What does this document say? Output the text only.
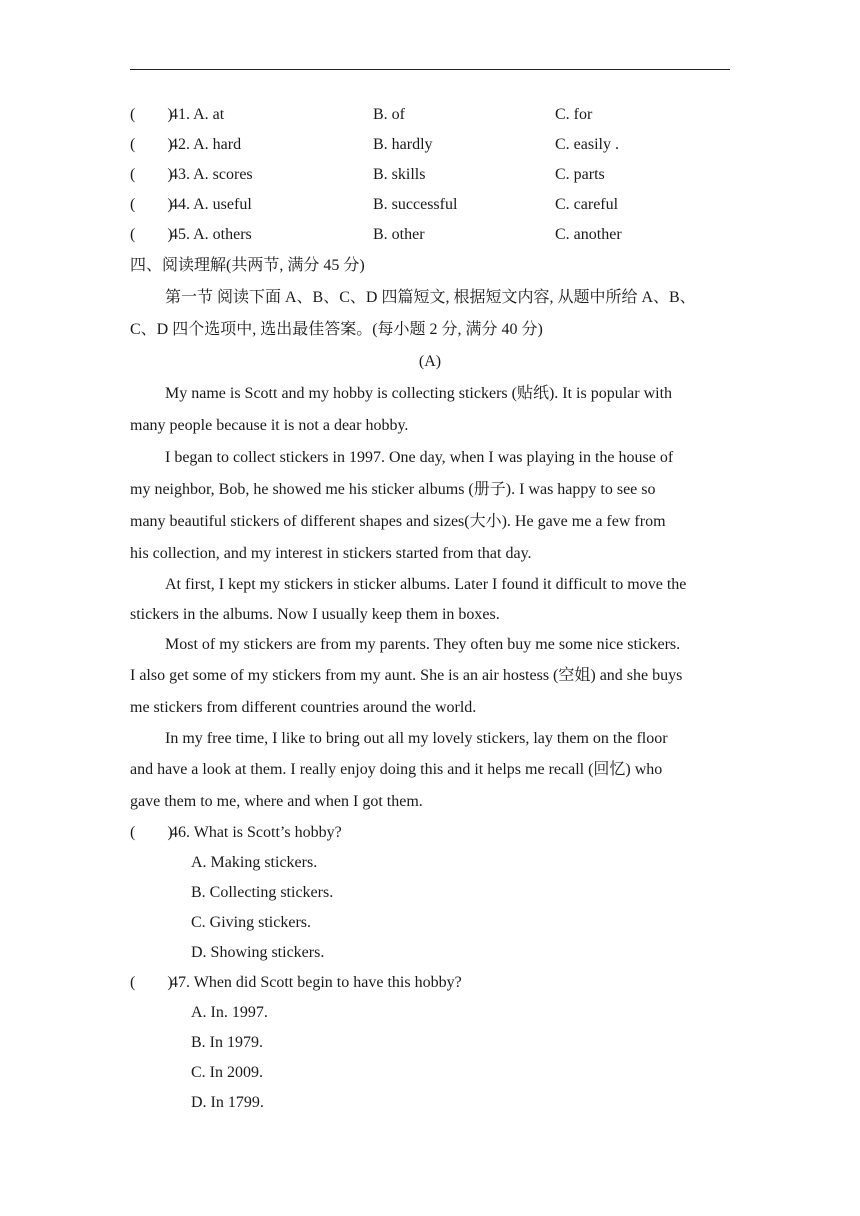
(        )41. A. at	B. of	C. for
(        )42. A. hard	B. hardly	C. easily .
(        )43. A. scores	B. skills	C. parts
(        )44. A. useful	B. successful	C. careful
(        )45. A. others	B. other	C. another
四、阅读理解(共两节, 满分 45 分)
第一节 阅读下面 A、B、C、D 四篇短文, 根据短文内容, 从题中所给 A、B、
C、D 四个选项中, 选出最佳答案。(每小题 2 分, 满分 40 分)
(A)
My name is Scott and my hobby is collecting stickers (贴纸). It is popular with
many people because it is not a dear hobby.
I began to collect stickers in 1997. One day, when I was playing in the house of
my neighbor, Bob, he showed me his sticker albums (册子). I was happy to see so
many beautiful stickers of different shapes and sizes(大小). He gave me a few from
his collection, and my interest in stickers started from that day.
At first, I kept my stickers in sticker albums. Later I found it difficult to move the
stickers in the albums. Now I usually keep them in boxes.
Most of my stickers are from my parents. They often buy me some nice stickers.
I also get some of my stickers from my aunt. She is an air hostess (空姐) and she buys
me stickers from different countries around the world.
In my free time, I like to bring out all my lovely stickers, lay them on the floor
and have a look at them. I really enjoy doing this and it helps me recall (回忆) who
gave them to me, where and when I got them.
(        )46. What is Scott’s hobby?
A. Making stickers.
B. Collecting stickers.
C. Giving stickers.
D. Showing stickers.
(        )47. When did Scott begin to have this hobby?
A. In. 1997.
B. In 1979.
C. In 2009.
D. In 1799.
